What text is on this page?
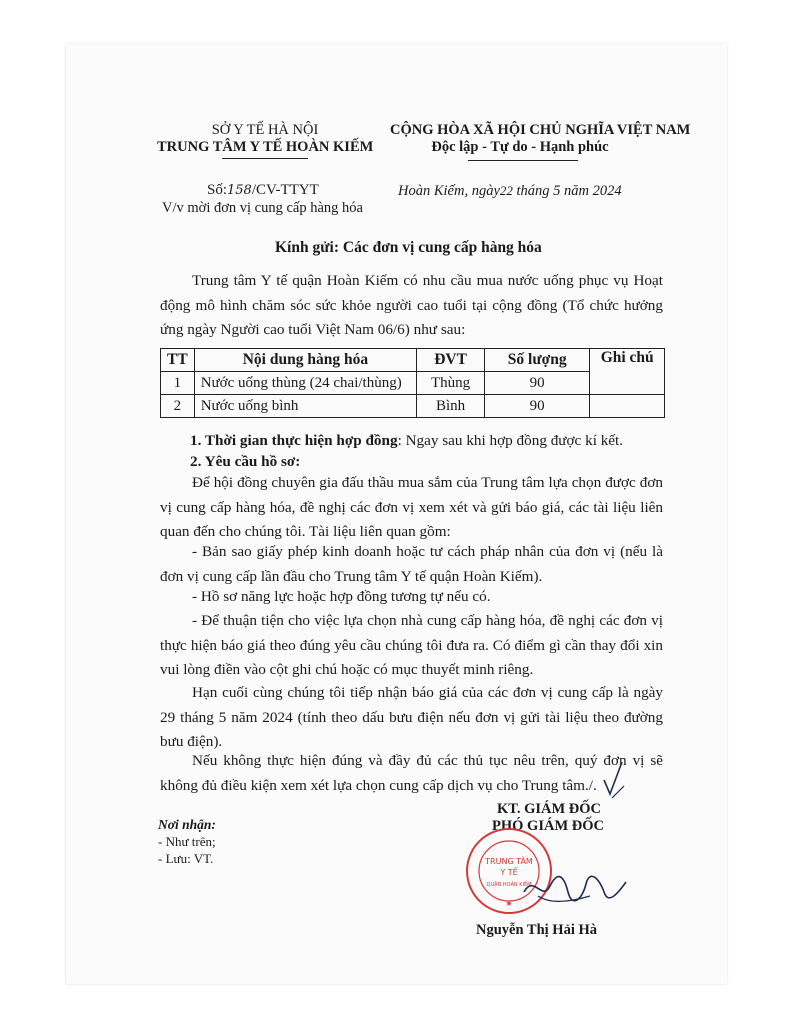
SỞ Y TẾ HÀ NỘI
TRUNG TÂM Y TẾ HOÀN KIẾM
CỘNG HÒA XÃ HỘI CHỦ NGHĨA VIỆT NAM
Độc lập - Tự do - Hạnh phúc
Số:158/CV-TTYT
V/v mời đơn vị cung cấp hàng hóa
Hoàn Kiếm, ngày22 tháng 5 năm 2024
Kính gửi: Các đơn vị cung cấp hàng hóa
Trung tâm Y tế quận Hoàn Kiếm có nhu cầu mua nước uống phục vụ Hoạt động mô hình chăm sóc sức khỏe người cao tuổi tại cộng đồng (Tổ chức hưởng ứng ngày Người cao tuổi Việt Nam 06/6) như sau:
TT	Nội dung hàng hóa	ĐVT	Số lượng	Ghi chú
1	Nước uống thùng (24 chai/thùng)	Thùng	90	
2	Nước uống bình	Bình	90	
1. Thời gian thực hiện hợp đồng: Ngay sau khi hợp đồng được kí kết.
2. Yêu cầu hồ sơ:
Để hội đồng chuyên gia đấu thầu mua sắm của Trung tâm lựa chọn được đơn vị cung cấp hàng hóa, đề nghị các đơn vị xem xét và gửi báo giá, các tài liệu liên quan đến cho chúng tôi. Tài liệu liên quan gồm:
- Bản sao giấy phép kinh doanh hoặc tư cách pháp nhân của đơn vị (nếu là đơn vị cung cấp lần đầu cho Trung tâm Y tế quận Hoàn Kiếm).
- Hồ sơ năng lực hoặc hợp đồng tương tự nếu có.
- Để thuận tiện cho việc lựa chọn nhà cung cấp hàng hóa, đề nghị các đơn vị thực hiện báo giá theo đúng yêu cầu chúng tôi đưa ra. Có điểm gì cần thay đổi xin vui lòng điền vào cột ghi chú hoặc có mục thuyết minh riêng.
Hạn cuối cùng chúng tôi tiếp nhận báo giá của các đơn vị cung cấp là ngày 29 tháng 5 năm 2024 (tính theo dấu bưu điện nếu đơn vị gửi tài liệu theo đường bưu điện).
Nếu không thực hiện đúng và đầy đủ các thủ tục nêu trên, quý đơn vị sẽ không đủ điều kiện xem xét lựa chọn cung cấp dịch vụ cho Trung tâm./.
Nơi nhận:
- Như trên;
- Lưu: VT.
KT. GIÁM ĐỐC
PHÓ GIÁM ĐỐC
TRUNG TÂM
Y TẾ
QUẬN HOÀN KIẾM
★
Nguyễn Thị Hải Hà
